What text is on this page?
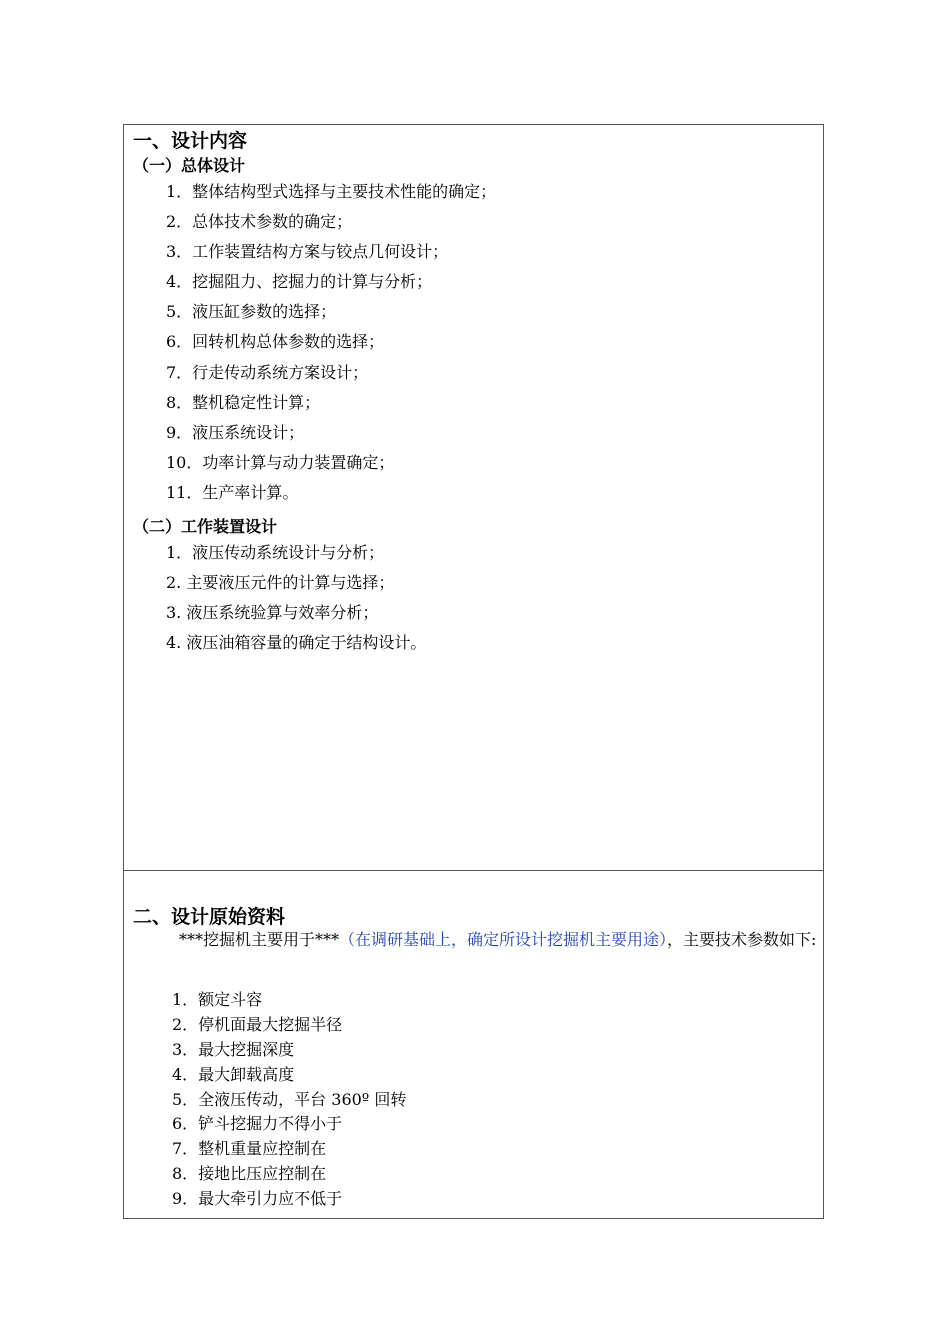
一、设计内容
（一）总体设计
1．整体结构型式选择与主要技术性能的确定；
2．总体技术参数的确定；
3．工作装置结构方案与铰点几何设计；
4．挖掘阻力、挖掘力的计算与分析；
5．液压缸参数的选择；
6．回转机构总体参数的选择；
7．行走传动系统方案设计；
8．整机稳定性计算；
9．液压系统设计；
10．功率计算与动力装置确定；
11．生产率计算。
（二）工作装置设计
1．液压传动系统设计与分析；
2. 主要液压元件的计算与选择；
3. 液压系统验算与效率分析；
4. 液压油箱容量的确定于结构设计。
二、设计原始资料
***挖掘机主要用于***（在调研基础上，确定所设计挖掘机主要用途），主要技术参数如下:
1．额定斗容
2．停机面最大挖掘半径
3．最大挖掘深度
4．最大卸载高度
5．全液压传动，平台 360º 回转
6．铲斗挖掘力不得小于
7．整机重量应控制在
8．接地比压应控制在
9．最大牵引力应不低于
